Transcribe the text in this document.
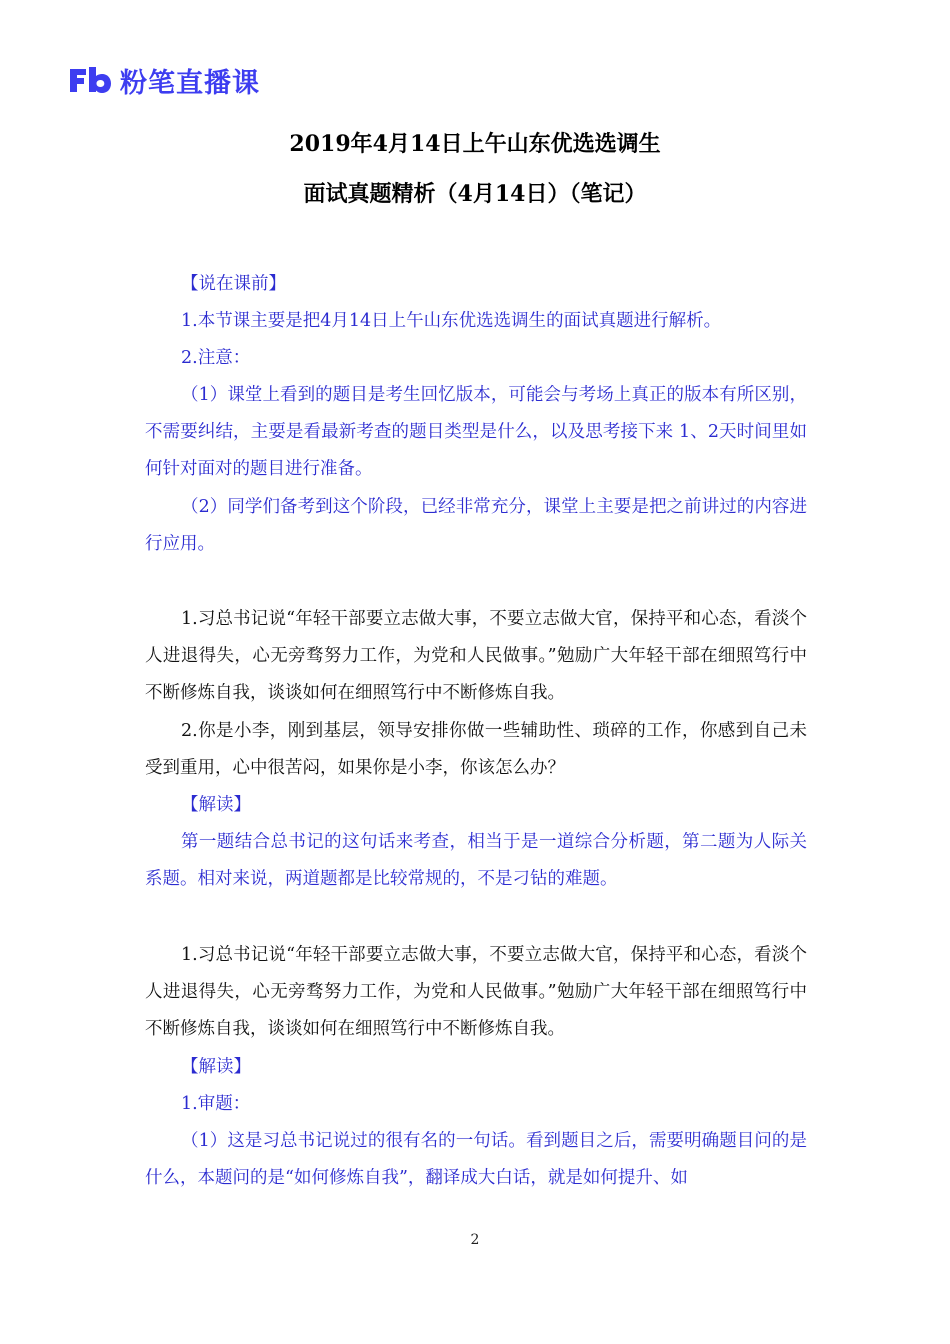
粉笔直播课
2019年4月14日上午山东优选选调生
面试真题精析（4月14日）（笔记）
【说在课前】
1.本节课主要是把4月14日上午山东优选选调生的面试真题进行解析。
2.注意：
（1）课堂上看到的题目是考生回忆版本，可能会与考场上真正的版本有所区别，不需要纠结，主要是看最新考查的题目类型是什么，以及思考接下来 1、2天时间里如何针对面对的题目进行准备。
（2）同学们备考到这个阶段，已经非常充分，课堂上主要是把之前讲过的内容进行应用。
1.习总书记说“年轻干部要立志做大事，不要立志做大官，保持平和心态，看淡个人进退得失，心无旁骛努力工作，为党和人民做事。”勉励广大年轻干部在细照笃行中不断修炼自我，谈谈如何在细照笃行中不断修炼自我。
2.你是小李，刚到基层，领导安排你做一些辅助性、琐碎的工作，你感到自己未受到重用，心中很苦闷，如果你是小李，你该怎么办？
【解读】
第一题结合总书记的这句话来考查，相当于是一道综合分析题，第二题为人际关系题。相对来说，两道题都是比较常规的，不是刁钻的难题。
1.习总书记说“年轻干部要立志做大事，不要立志做大官，保持平和心态，看淡个人进退得失，心无旁骛努力工作，为党和人民做事。”勉励广大年轻干部在细照笃行中不断修炼自我，谈谈如何在细照笃行中不断修炼自我。
【解读】
1.审题：
（1）这是习总书记说过的很有名的一句话。看到题目之后，需要明确题目问的是什么，本题问的是“如何修炼自我”，翻译成大白话，就是如何提升、如
2
